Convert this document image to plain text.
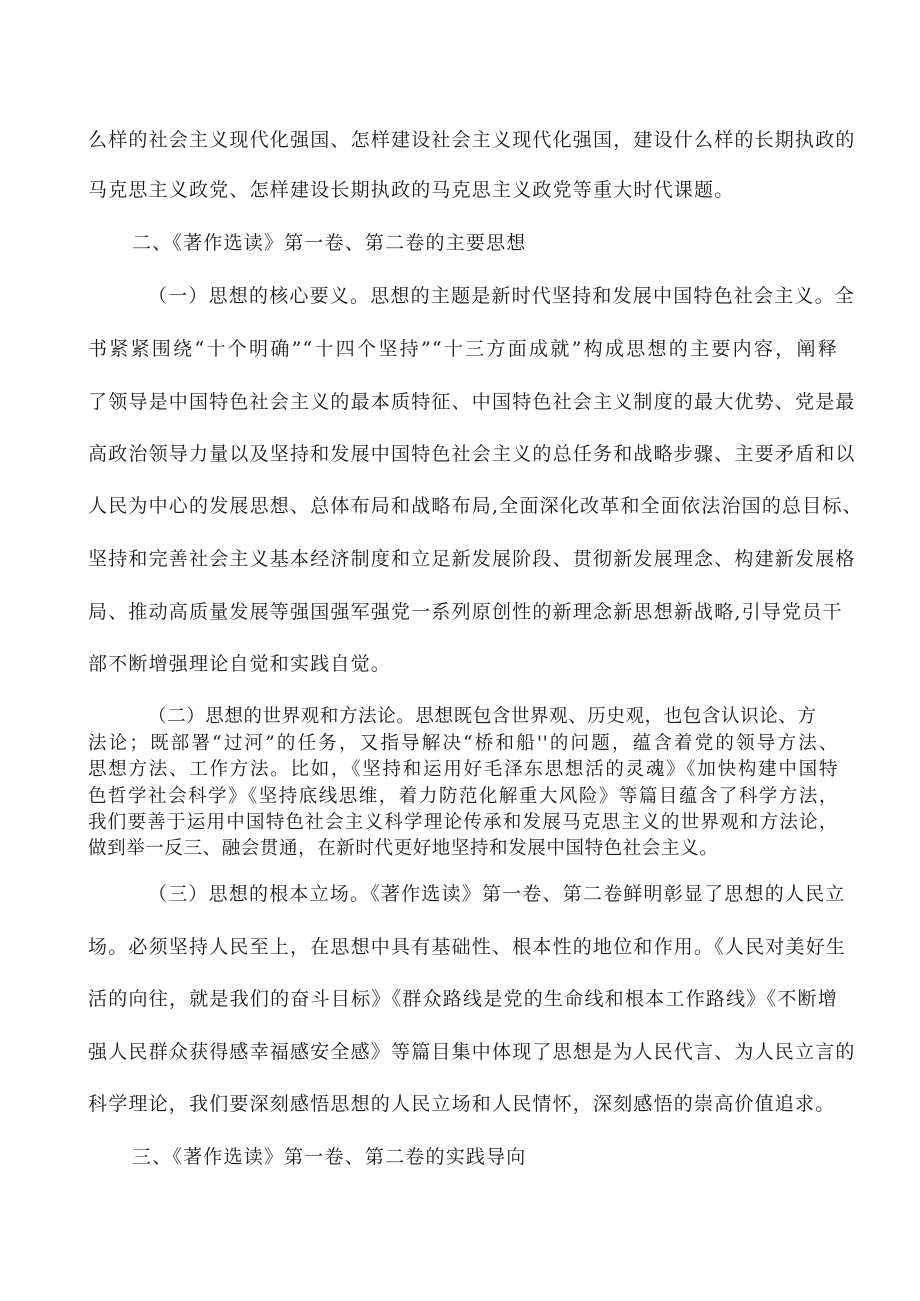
么样的社会主义现代化强国、怎样建设社会主义现代化强国，建设什么样的长期执政的
马克思主义政党、怎样建设长期执政的马克思主义政党等重大时代课题。
二、《著作选读》第一卷、第二卷的主要思想
（一）思想的核心要义。思想的主题是新时代坚持和发展中国特色社会主义。全
书紧紧围绕“十个明确”“十四个坚持”“十三方面成就”构成思想的主要内容，阐释
了领导是中国特色社会主义的最本质特征、中国特色社会主义制度的最大优势、党是最
高政治领导力量以及坚持和发展中国特色社会主义的总任务和战略步骤、主要矛盾和以
人民为中心的发展思想、总体布局和战略布局,全面深化改革和全面依法治国的总目标、
坚持和完善社会主义基本经济制度和立足新发展阶段、贯彻新发展理念、构建新发展格
局、推动高质量发展等强国强军强党一系列原创性的新理念新思想新战略,引导党员干
部不断增强理论自觉和实践自觉。
（二）思想的世界观和方法论。思想既包含世界观、历史观，也包含认识论、方
法论；既部署“过河”的任务，又指导解决“桥和船''的问题，蕴含着党的领导方法、
思想方法、工作方法。比如，《坚持和运用好毛泽东思想活的灵魂》《加快构建中国特
色哲学社会科学》《坚持底线思维，着力防范化解重大风险》等篇目蕴含了科学方法，
我们要善于运用中国特色社会主义科学理论传承和发展马克思主义的世界观和方法论，
做到举一反三、融会贯通，在新时代更好地坚持和发展中国特色社会主义。
（三）思想的根本立场。《著作选读》第一卷、第二卷鲜明彰显了思想的人民立
场。必须坚持人民至上，在思想中具有基础性、根本性的地位和作用。《人民对美好生
活的向往，就是我们的奋斗目标》《群众路线是党的生命线和根本工作路线》《不断增
强人民群众获得感幸福感安全感》等篇目集中体现了思想是为人民代言、为人民立言的
科学理论，我们要深刻感悟思想的人民立场和人民情怀，深刻感悟的崇高价值追求。
三、《著作选读》第一卷、第二卷的实践导向
